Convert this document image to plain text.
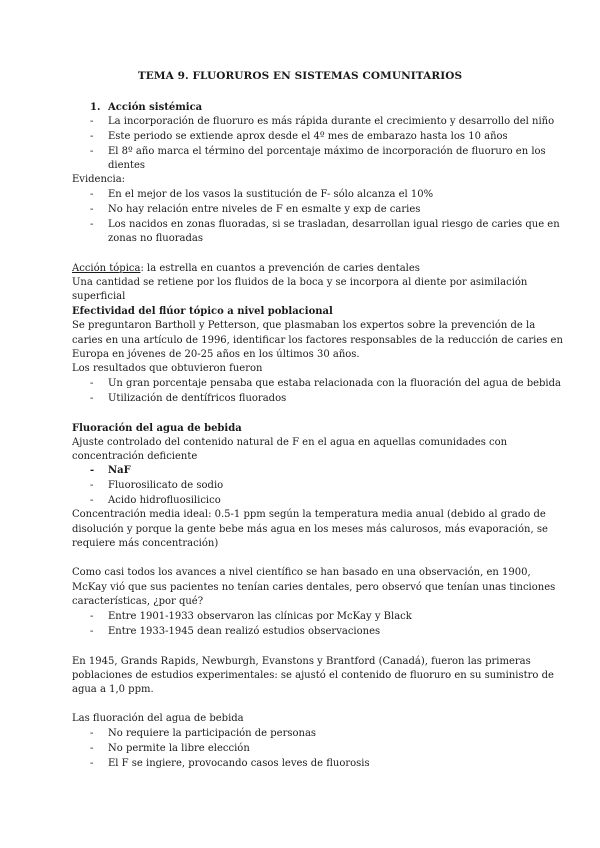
TEMA 9. FLUORUROS EN SISTEMAS COMUNITARIOS
1. Acción sistémica
- La incorporación de fluoruro es más rápida durante el crecimiento y desarrollo del niño
- Este periodo se extiende aprox desde el 4º mes de embarazo hasta los 10 años
- El 8º año marca el término del porcentaje máximo de incorporación de fluoruro en los
dientes
Evidencia:
- En el mejor de los vasos la sustitución de F- sólo alcanza el 10%
- No hay relación entre niveles de F en esmalte y exp de caries
- Los nacidos en zonas fluoradas, si se trasladan, desarrollan igual riesgo de caries que en
zonas no fluoradas
Acción tópica: la estrella en cuantos a prevención de caries dentales
Una cantidad se retiene por los fluidos de la boca y se incorpora al diente por asimilación
superficial
Efectividad del flúor tópico a nivel poblacional
Se preguntaron Bartholl y Petterson, que plasmaban los expertos sobre la prevención de la
caries en una artículo de 1996, identificar los factores responsables de la reducción de caries en
Europa en jóvenes de 20-25 años en los últimos 30 años.
Los resultados que obtuvieron fueron
- Un gran porcentaje pensaba que estaba relacionada con la fluoración del agua de bebida
- Utilización de dentífricos fluorados
Fluoración del agua de bebida
Ajuste controlado del contenido natural de F en el agua en aquellas comunidades con
concentración deficiente
- NaF
- Fluorosilicato de sodio
- Acido hidrofluosilicico
Concentración media ideal: 0.5-1 ppm según la temperatura media anual (debido al grado de
disolución y porque la gente bebe más agua en los meses más calurosos, más evaporación, se
requiere más concentración)
Como casi todos los avances a nivel científico se han basado en una observación, en 1900,
McKay vió que sus pacientes no tenían caries dentales, pero observó que tenían unas tinciones
características, ¿por qué?
- Entre 1901-1933 observaron las clínicas por McKay y Black
- Entre 1933-1945 dean realizó estudios observaciones
En 1945, Grands Rapids, Newburgh, Evanstons y Brantford (Canadá), fueron las primeras
poblaciones de estudios experimentales: se ajustó el contenido de fluoruro en su suministro de
agua a 1,0 ppm.
Las fluoración del agua de bebida
- No requiere la participación de personas
- No permite la libre elección
- El F se ingiere, provocando casos leves de fluorosis
